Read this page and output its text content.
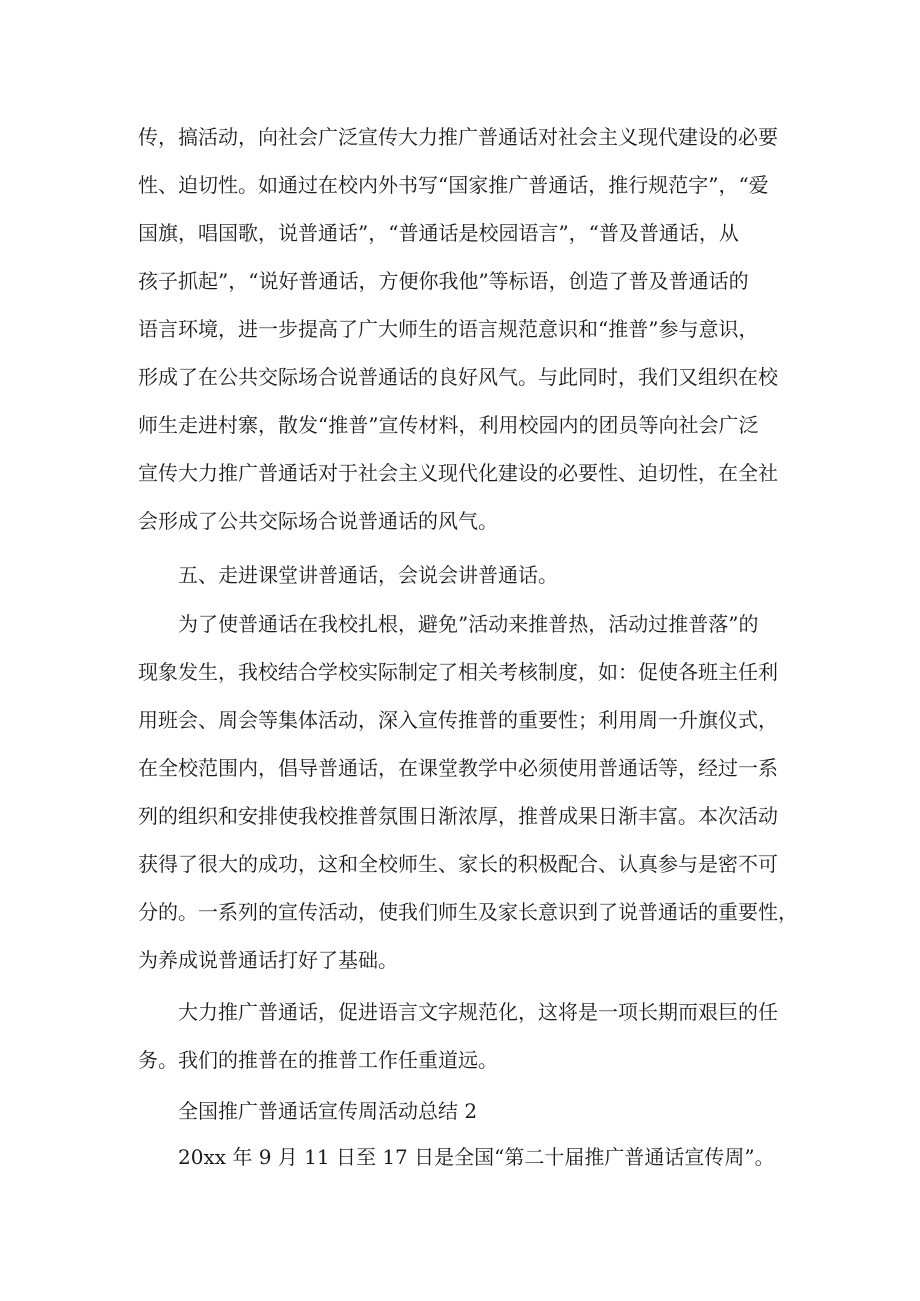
传，搞活动，向社会广泛宣传大力推广普通话对社会主义现代建设的必要
性、迫切性。如通过在校内外书写“国家推广普通话，推行规范字”，“爱
国旗，唱国歌，说普通话”，“普通话是校园语言”，“普及普通话，从
孩子抓起”，“说好普通话，方便你我他”等标语，创造了普及普通话的
语言环境，进一步提高了广大师生的语言规范意识和“推普”参与意识，
形成了在公共交际场合说普通话的良好风气。与此同时，我们又组织在校
师生走进村寨，散发“推普”宣传材料，利用校园内的团员等向社会广泛
宣传大力推广普通话对于社会主义现代化建设的必要性、迫切性，在全社
会形成了公共交际场合说普通话的风气。
五、走进课堂讲普通话，会说会讲普通话。
为了使普通话在我校扎根，避免”活动来推普热，活动过推普落”的
现象发生，我校结合学校实际制定了相关考核制度，如：促使各班主任利
用班会、周会等集体活动，深入宣传推普的重要性；利用周一升旗仪式，
在全校范围内，倡导普通话，在课堂教学中必须使用普通话等，经过一系
列的组织和安排使我校推普氛围日渐浓厚，推普成果日渐丰富。本次活动
获得了很大的成功，这和全校师生、家长的积极配合、认真参与是密不可
分的。一系列的宣传活动，使我们师生及家长意识到了说普通话的重要性，
为养成说普通话打好了基础。
大力推广普通话，促进语言文字规范化，这将是一项长期而艰巨的任
务。我们的推普在的推普工作任重道远。
全国推广普通话宣传周活动总结 2
20xx 年 9 月 11 日至 17 日是全国“第二十届推广普通话宣传周”。
